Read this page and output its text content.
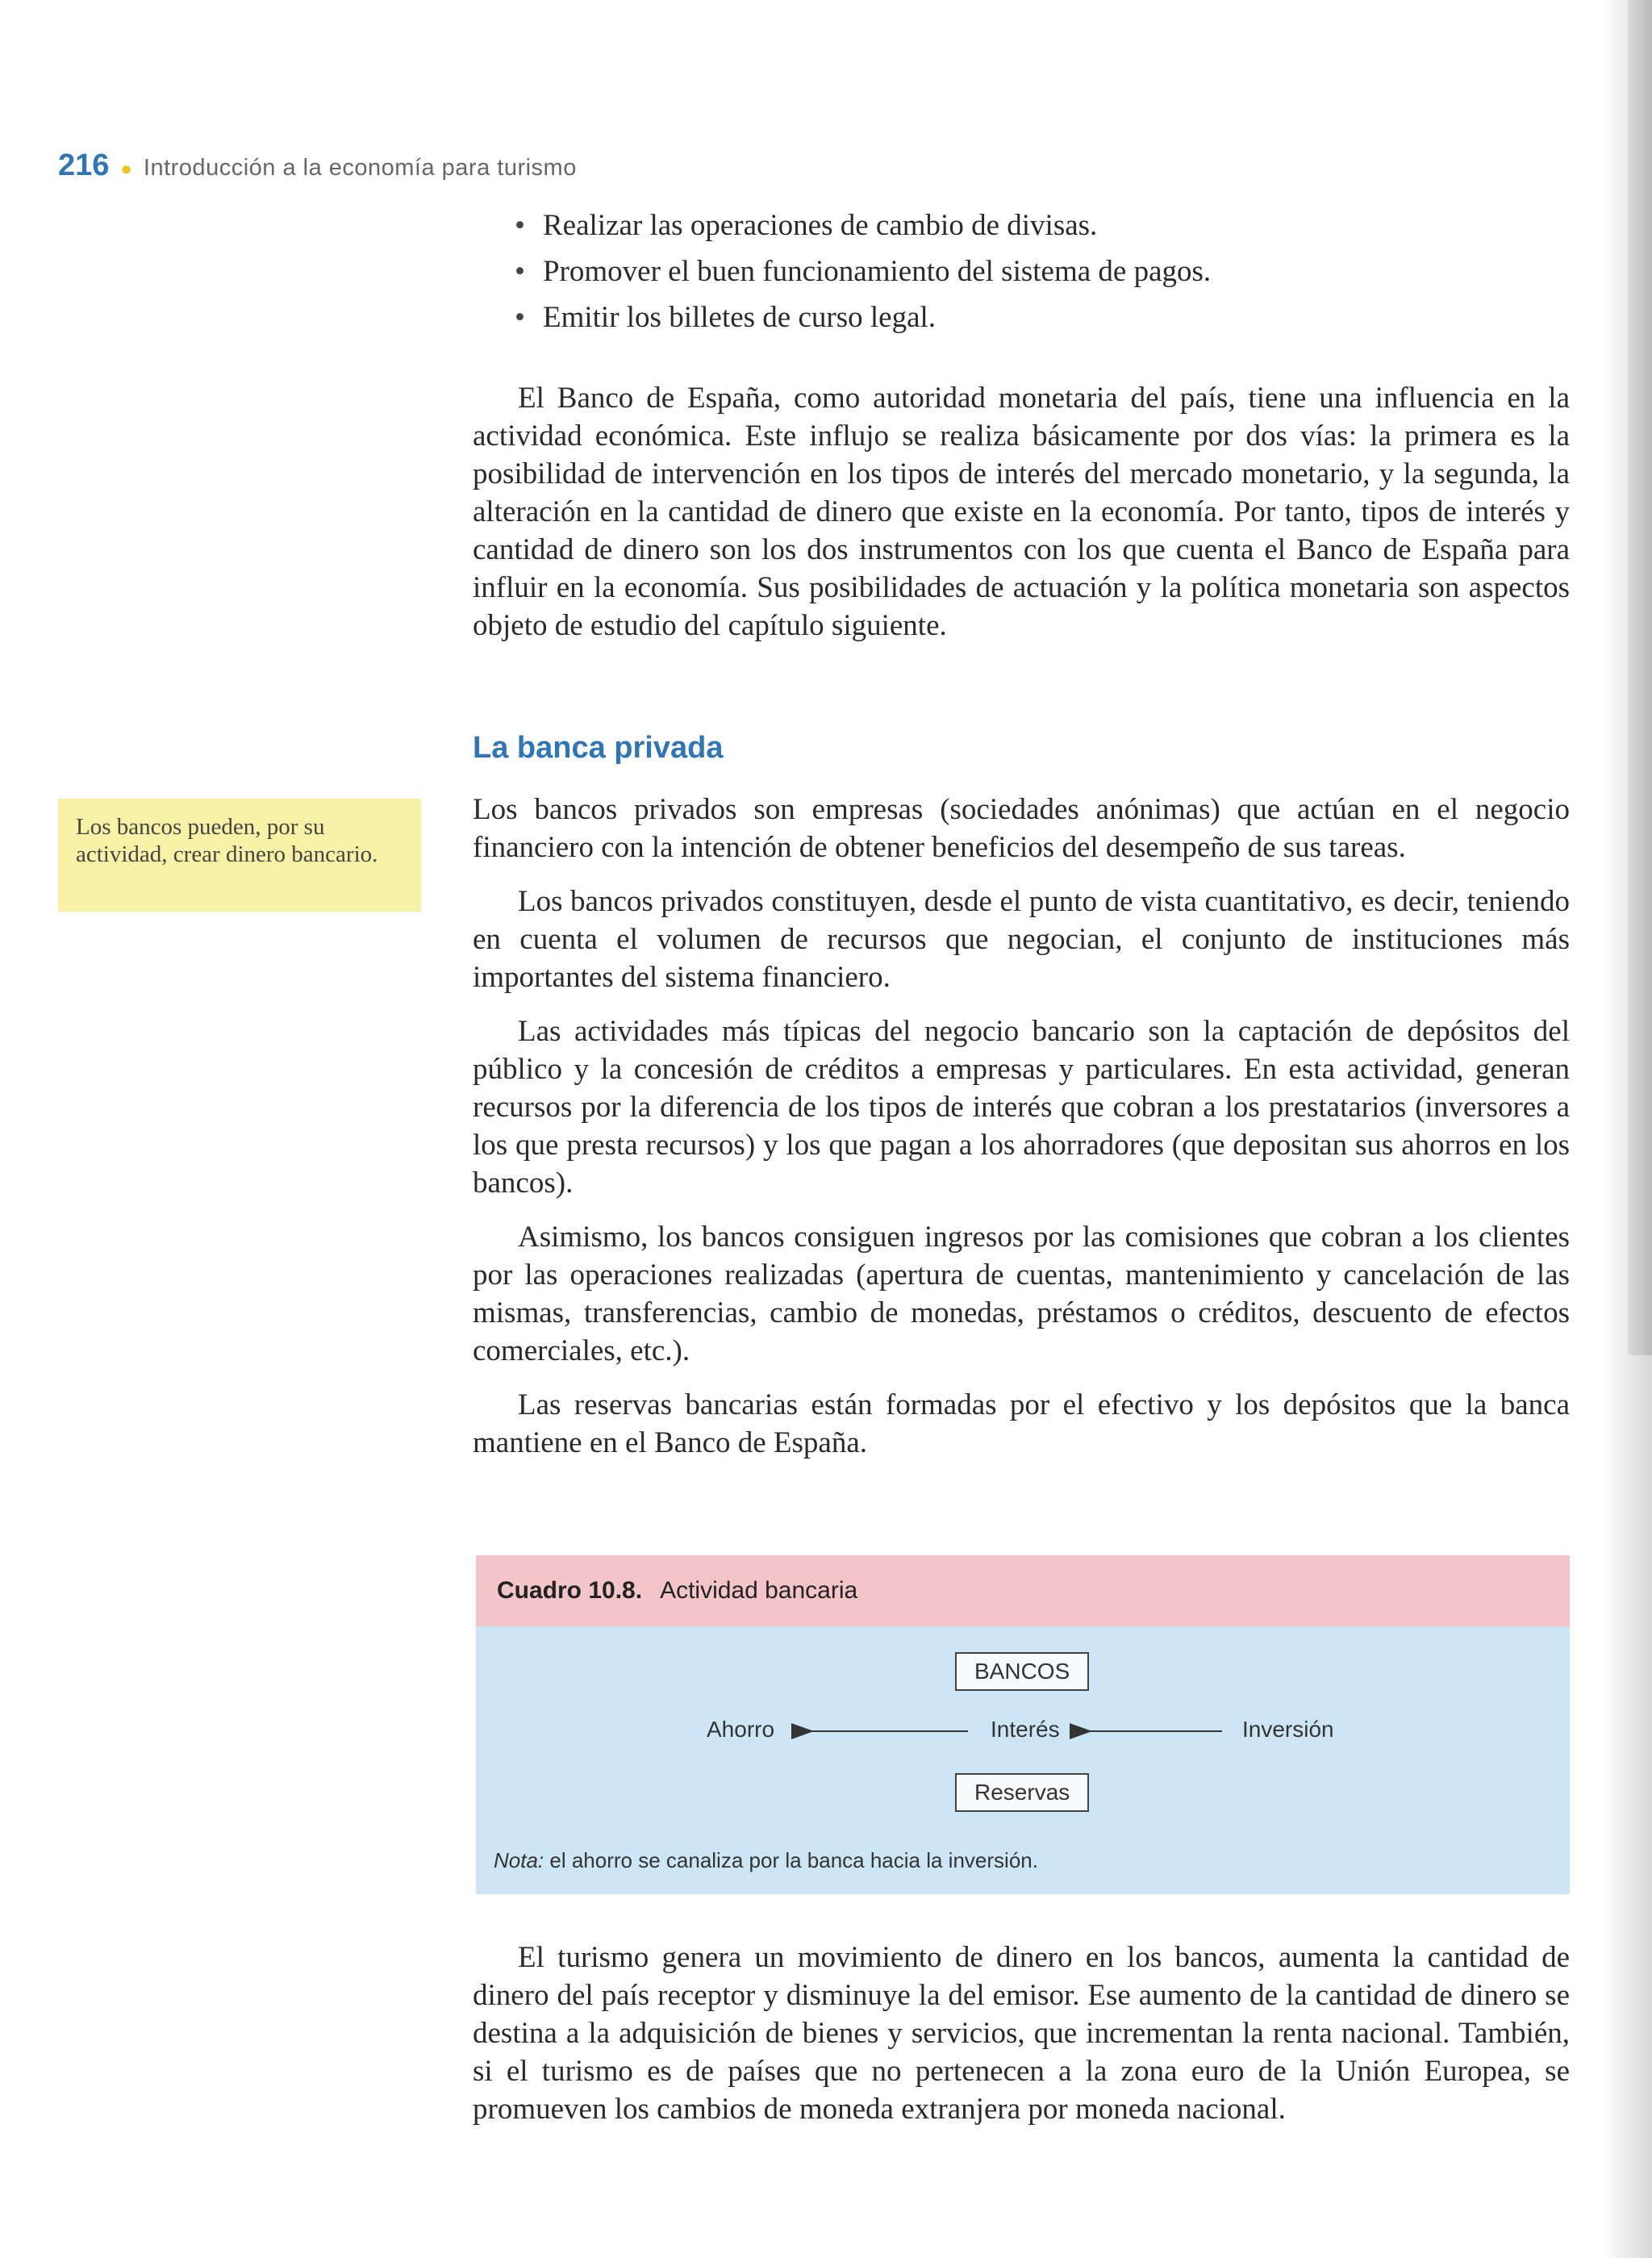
216 ● Introducción a la economía para turismo
• Realizar las operaciones de cambio de divisas.
• Promover el buen funcionamiento del sistema de pagos.
• Emitir los billetes de curso legal.

El Banco de España, como autoridad monetaria del país, tiene una influencia en la actividad económica. Este influjo se realiza básicamente por dos vías: la primera es la posibilidad de intervención en los tipos de interés del mercado monetario, y la segunda, la alteración en la cantidad de dinero que existe en la economía. Por tanto, tipos de interés y cantidad de dinero son los dos instrumentos con los que cuenta el Banco de España para influir en la economía. Sus posibilidades de actuación y la política monetaria son aspectos objeto de estudio del capítulo siguiente.

La banca privada
Los bancos pueden, por su actividad, crear dinero bancario.

Los bancos privados son empresas (sociedades anónimas) que actúan en el negocio financiero con la intención de obtener beneficios del desempeño de sus tareas.

Los bancos privados constituyen, desde el punto de vista cuantitativo, es decir, teniendo en cuenta el volumen de recursos que negocian, el conjunto de instituciones más importantes del sistema financiero.

Las actividades más típicas del negocio bancario son la captación de depósitos del público y la concesión de créditos a empresas y particulares. En esta actividad, generan recursos por la diferencia de los tipos de interés que cobran a los prestatarios (inversores a los que presta recursos) y los que pagan a los ahorradores (que depositan sus ahorros en los bancos).

Asimismo, los bancos consiguen ingresos por las comisiones que cobran a los clientes por las operaciones realizadas (apertura de cuentas, mantenimiento y cancelación de las mismas, transferencias, cambio de monedas, préstamos o créditos, descuento de efectos comerciales, etc.).

Las reservas bancarias están formadas por el efectivo y los depósitos que la banca mantiene en el Banco de España.

Cuadro 10.8. Actividad bancaria
BANCOS
Ahorro	Interés	Inversión
Reservas
Nota: el ahorro se canaliza por la banca hacia la inversión.

El turismo genera un movimiento de dinero en los bancos, aumenta la cantidad de dinero del país receptor y disminuye la del emisor. Ese aumento de la cantidad de dinero se destina a la adquisición de bienes y servicios, que incrementan la renta nacional. También, si el turismo es de países que no pertenecen a la zona euro de la Unión Europea, se promueven los cambios de moneda extranjera por moneda nacional.
